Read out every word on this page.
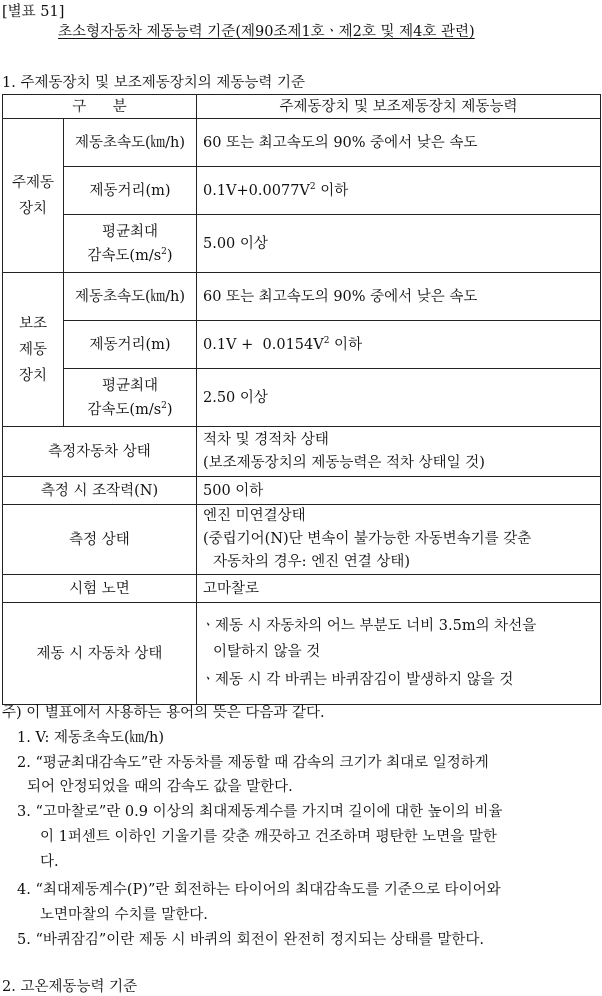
[별표 51]
초소형자동차 제동능력 기준(제90조제1호ㆍ제2호 및 제4호 관련)
1. 주제동장치 및 보조제동장치의 제동능력 기준
구 분		주제동장치 및 보조제동장치 제동능력

주제동
장치	제동초속도(㎞/h)	60 또는 최고속도의 90% 중에서 낮은 속도
	제동거리(m)	$0.1V+0.0077V^2$ 이하

	평균최대
감속도$(m/s^2)$	5.00 이상

보조
제동
장치	제동초속도(㎞/h)	60 또는 최고속도의 90% 중에서 낮은 속도
	제동거리(m)	$0.1V + 0.0154V^2$ 이하

	평균최대
감속도$(m/s^2)$	2.50 이상
측정자동차 상태		적차 및 경적차 상태
(보조제동장치의 제동능력은 적차 상태일 것)

측정 시 조작력(N)		500 이하
측정 상태		엔진 미연결상태
(중립기어(N)단 변속이 불가능한 자동변속기를 갖춘
자동차의 경우: 엔진 연결 상태)

시험 노면		고마찰로
제동 시 자동차 상태		ㆍ제동 시 자동차의 어느 부분도 너비 3.5m의 차선을
이탈하지 않을 것
ㆍ제동 시 각 바퀴는 바퀴잠김이 발생하지 않을 것
주) 이 별표에서 사용하는 용어의 뜻은 다음과 같다.
1. V: 제동초속도(㎞/h)
2. “평균최대감속도”란 자동차를 제동할 때 감속의 크기가 최대로 일정하게
되어 안정되었을 때의 감속도 값을 말한다.
3. “고마찰로”란 0.9 이상의 최대제동계수를 가지며 길이에 대한 높이의 비율
이 1퍼센트 이하인 기울기를 갖춘 깨끗하고 건조하며 평탄한 노면을 말한
다.
4. “최대제동계수(P)”란 회전하는 타이어의 최대감속도를 기준으로 타이어와
노면마찰의 수치를 말한다.
5. “바퀴잠김”이란 제동 시 바퀴의 회전이 완전히 정지되는 상태를 말한다.
2. 고온제동능력 기준
